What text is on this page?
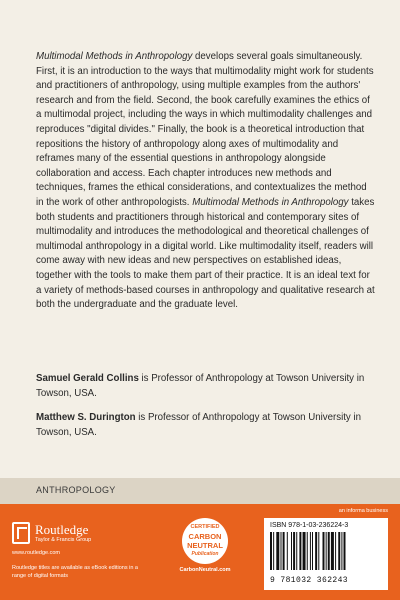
Multimodal Methods in Anthropology develops several goals simultaneously. First, it is an introduction to the ways that multimodality might work for students and practitioners of anthropology, using multiple examples from the authors' research and from the field. Second, the book carefully examines the ethics of a multimodal project, including the ways in which multimodality challenges and reproduces "digital divides." Finally, the book is a theoretical introduction that repositions the history of anthropology along axes of multimodality and reframes many of the essential questions in anthropology alongside collaboration and access. Each chapter introduces new methods and techniques, frames the ethical considerations, and contextualizes the method in the work of other anthropologists. Multimodal Methods in Anthropology takes both students and practitioners through historical and contemporary sites of multimodality and introduces the methodological and theoretical challenges of multimodal anthropology in a digital world. Like multimodality itself, readers will come away with new ideas and new perspectives on established ideas, together with the tools to make them part of their practice. It is an ideal text for a variety of methods-based courses in anthropology and qualitative research at both the undergraduate and the graduate level.

Samuel Gerald Collins is Professor of Anthropology at Towson University in Towson, USA.

Matthew S. Durington is Professor of Anthropology at Towson University in Towson, USA.

ANTHROPOLOGY
Routledge
Taylor & Francis Group
www.routledge.com
Routledge titles are available as eBook editions in a range of digital formats
CERTIFIED
CARBON NEUTRAL
Publication
CarbonNeutral.com
an informa business
ISBN 978-1-03-236224-3
9 781032 362243
